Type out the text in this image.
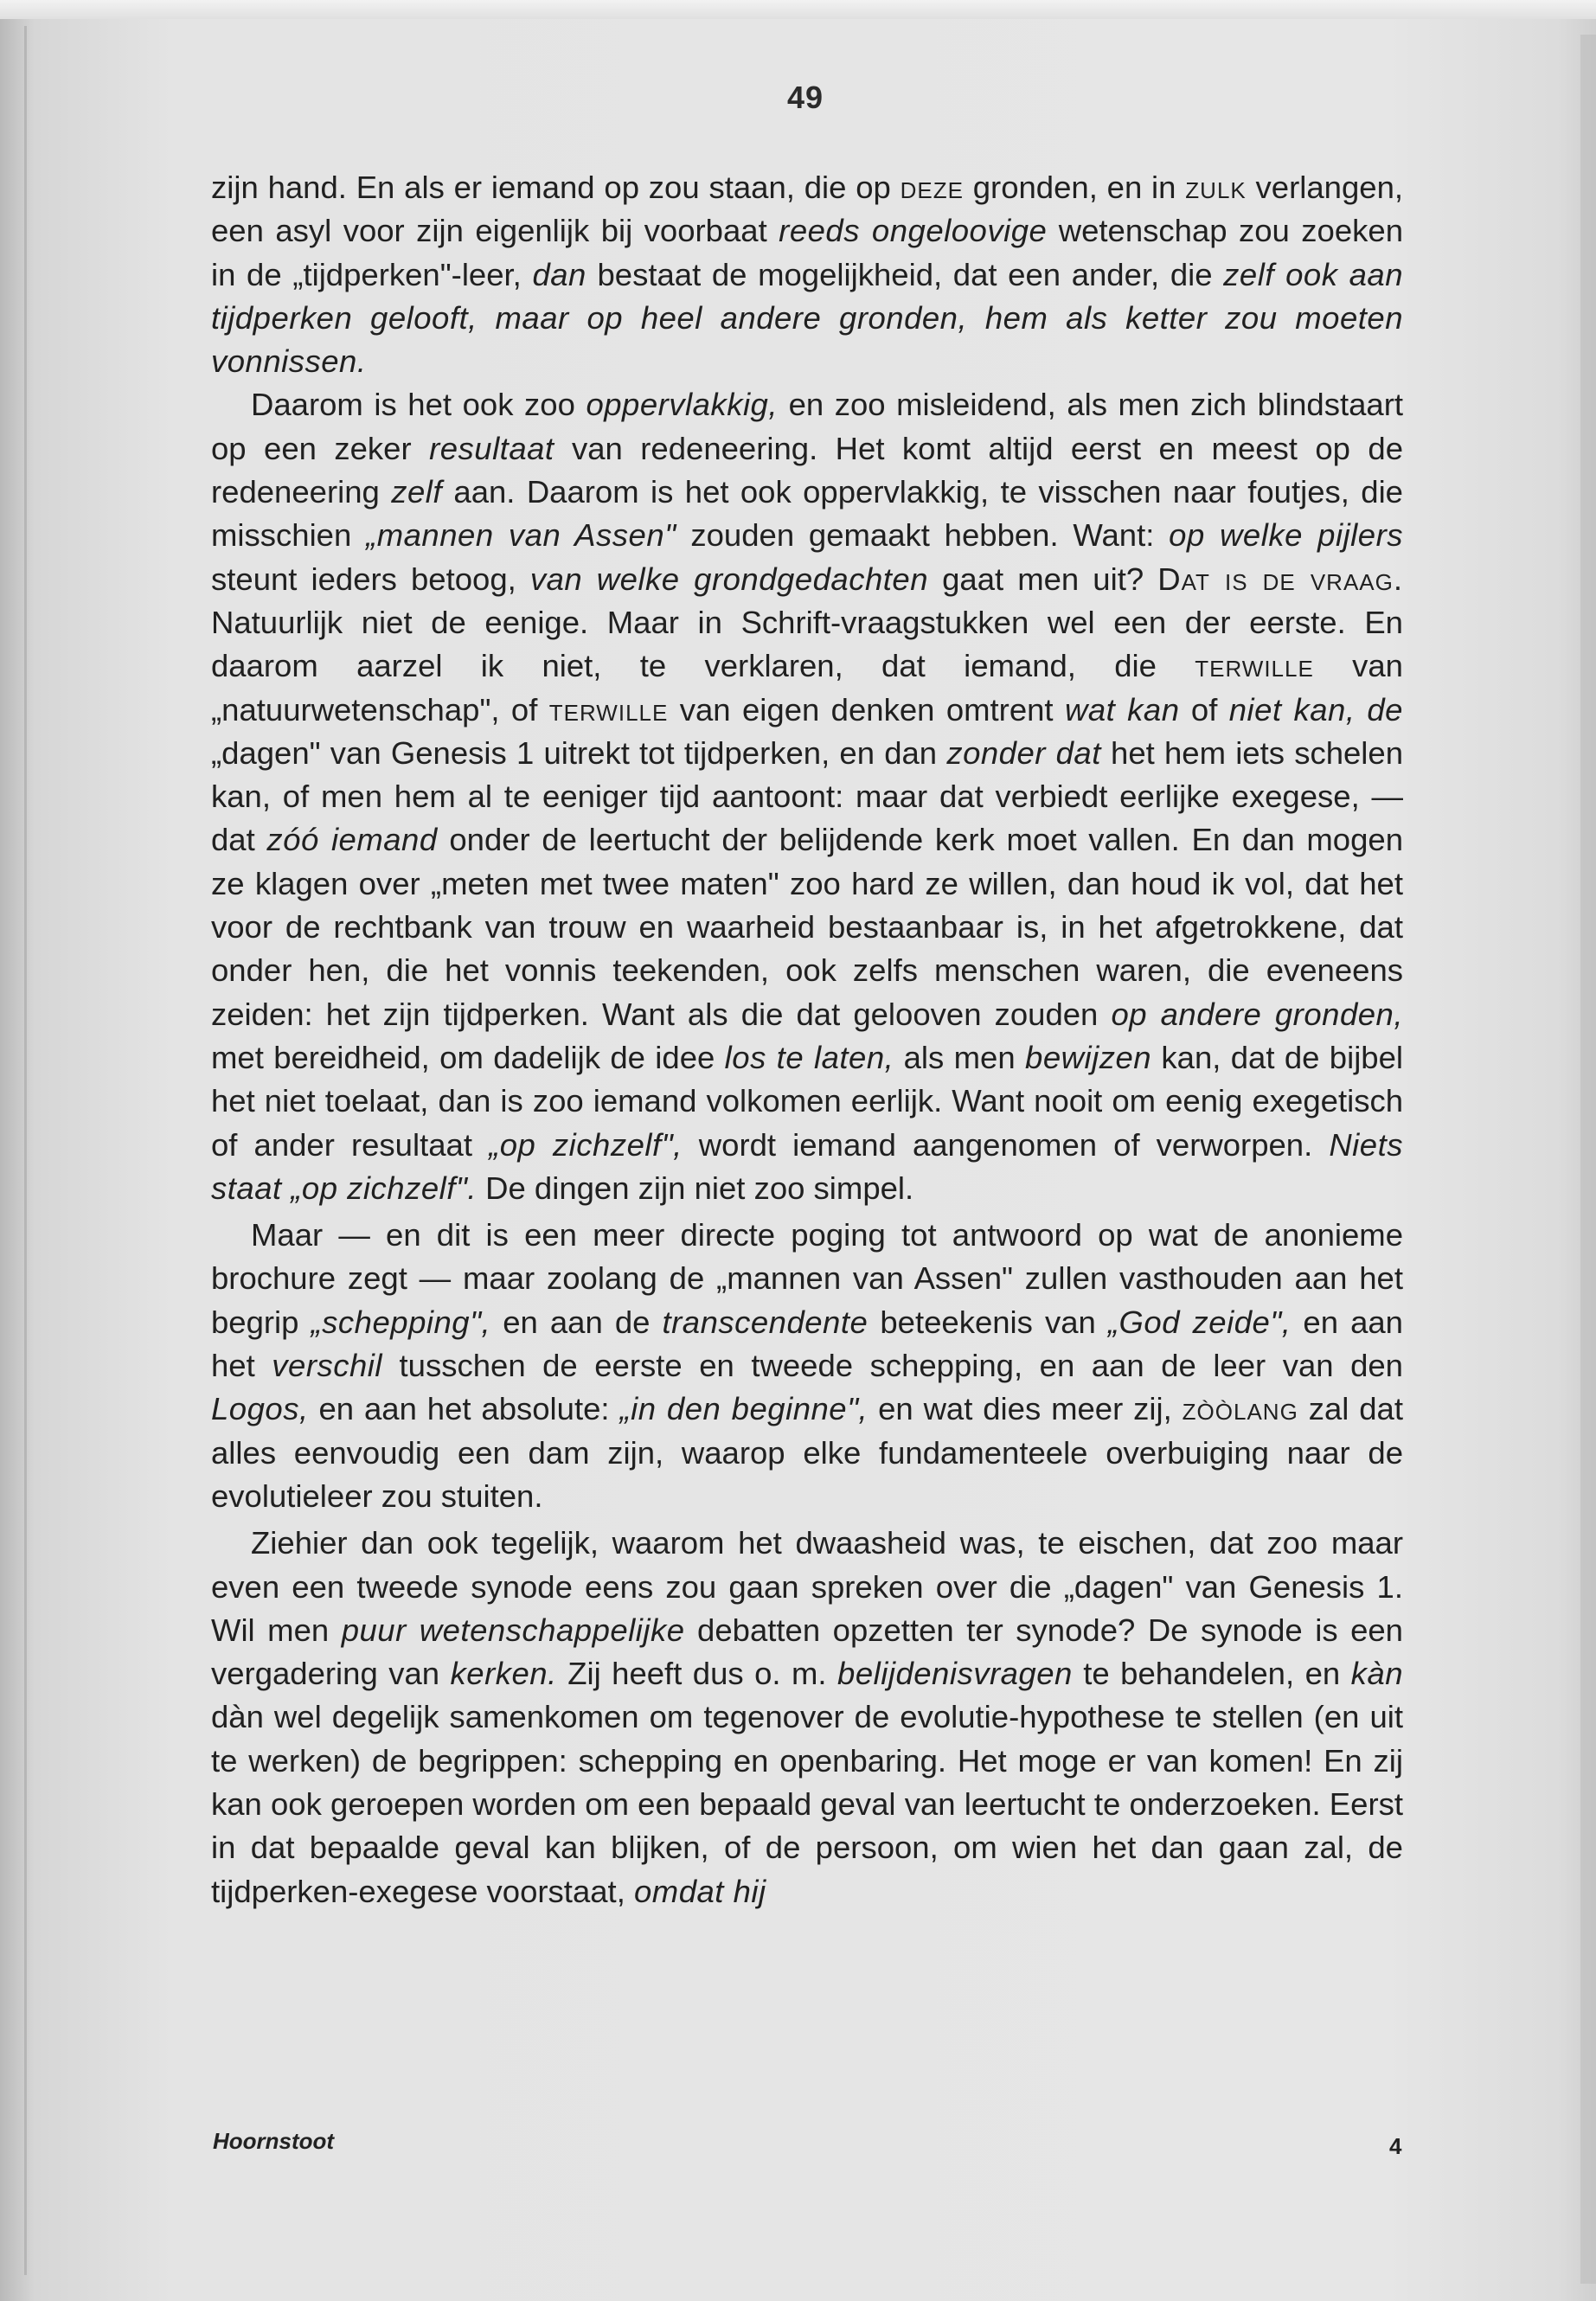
49

zijn hand. En als er iemand op zou staan, die op deze gronden, en in zulk verlangen, een asyl voor zijn eigenlijk bij voorbaat reeds ongeloovige wetenschap zou zoeken in de „tijdperken"-leer, dan bestaat de mogelijkheid, dat een ander, die zelf ook aan tijdperken gelooft, maar op heel andere gronden, hem als ketter zou moeten vonnissen.

Daarom is het ook zoo oppervlakkig, en zoo misleidend, als men zich blindstaart op een zeker resultaat van redeneering. Het komt altijd eerst en meest op de redeneering zelf aan. Daarom is het ook oppervlakkig, te visschen naar foutjes, die misschien „mannen van Assen" zouden gemaakt hebben. Want: op welke pijlers steunt ieders betoog, van welke grondgedachten gaat men uit? Dat is de vraag. Natuurlijk niet de eenige. Maar in Schrift-vraagstukken wel een der eerste. En daarom aarzel ik niet, te verklaren, dat iemand, die terwille van „natuurwetenschap", of terwille van eigen denken omtrent wat kan of niet kan, de „dagen" van Genesis 1 uitrekt tot tijdperken, en dan zonder dat het hem iets schelen kan, of men hem al te eeniger tijd aantoont: maar dat verbiedt eerlijke exegese, — dat zóó iemand onder de leertucht der belijdende kerk moet vallen. En dan mogen ze klagen over „meten met twee maten" zoo hard ze willen, dan houd ik vol, dat het voor de rechtbank van trouw en waarheid bestaanbaar is, in het afgetrokkene, dat onder hen, die het vonnis teekenden, ook zelfs menschen waren, die eveneens zeiden: het zijn tijdperken. Want als die dat gelooven zouden op andere gronden, met bereidheid, om dadelijk de idee los te laten, als men bewijzen kan, dat de bijbel het niet toelaat, dan is zoo iemand volkomen eerlijk. Want nooit om eenig exegetisch of ander resultaat „op zichzelf", wordt iemand aangenomen of verworpen. Niets staat „op zichzelf". De dingen zijn niet zoo simpel.

Maar — en dit is een meer directe poging tot antwoord op wat de anonieme brochure zegt — maar zoolang de „mannen van Assen" zullen vasthouden aan het begrip „schepping", en aan de transcendente beteekenis van „God zeide", en aan het verschil tusschen de eerste en tweede schepping, en aan de leer van den Logos, en aan het absolute: „in den beginne", en wat dies meer zij, zòòlang zal dat alles eenvoudig een dam zijn, waarop elke fundamenteele overbuiging naar de evolutieleer zou stuiten.

Ziehier dan ook tegelijk, waarom het dwaasheid was, te eischen, dat zoo maar even een tweede synode eens zou gaan spreken over die „dagen" van Genesis 1. Wil men puur wetenschappelijke debatten opzetten ter synode? De synode is een vergadering van kerken. Zij heeft dus o. m. belijdenisvragen te behandelen, en kàn dàn wel degelijk samenkomen om tegenover de evolutie-hypothese te stellen (en uit te werken) de begrippen: schepping en openbaring. Het moge er van komen! En zij kan ook geroepen worden om een bepaald geval van leertucht te onderzoeken. Eerst in dat bepaalde geval kan blijken, of de persoon, om wien het dan gaan zal, de tijdperken-exegese voorstaat, omdat hij

Hoornstoot	4
